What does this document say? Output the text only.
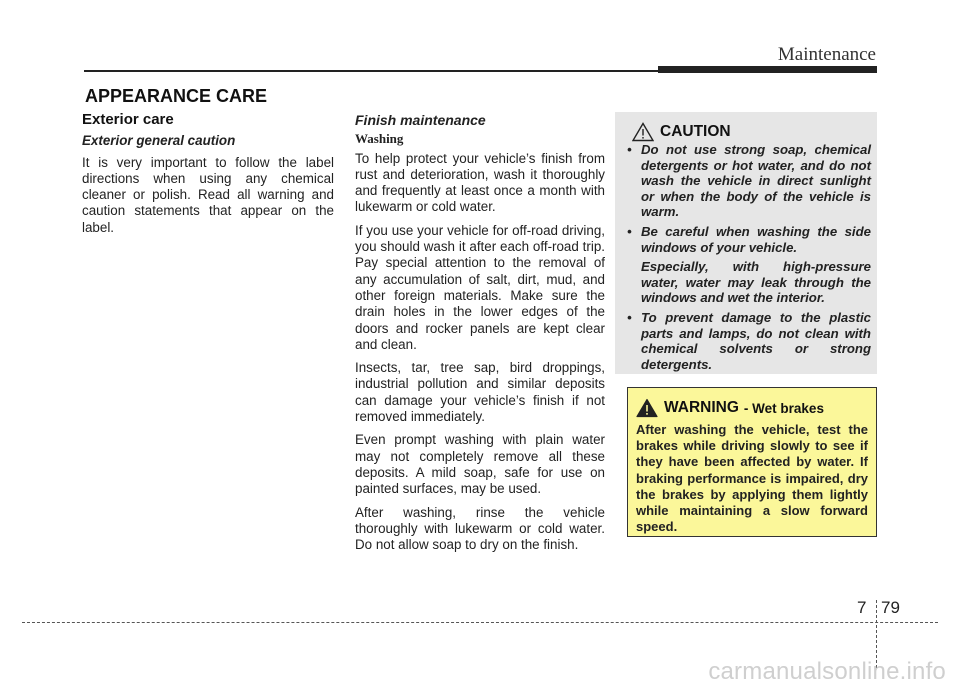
Maintenance
APPEARANCE CARE
Exterior care
Exterior general caution

It is very important to follow the label directions when using any chemical cleaner or polish. Read all warning and caution statements that appear on the label.

Finish maintenance
Washing

To help protect your vehicle’s finish from rust and deterioration, wash it thoroughly and frequently at least once a month with lukewarm or cold water.

If you use your vehicle for off-road driving, you should wash it after each off-road trip. Pay special attention to the removal of any accumulation of salt, dirt, mud, and other foreign materials. Make sure the drain holes in the lower edges of the doors and rocker panels are kept clear and clean.

Insects, tar, tree sap, bird droppings, industrial pollution and similar deposits can damage your vehicle’s finish if not removed immediately.

Even prompt washing with plain water may not completely remove all these deposits. A mild soap, safe for use on painted surfaces, may be used.

After washing, rinse the vehicle thoroughly with lukewarm or cold water. Do not allow soap to dry on the finish.

CAUTION
• Do not use strong soap, chemical detergents or hot water, and do not wash the vehicle in direct sunlight or when the body of the vehicle is warm.
• Be careful when washing the side windows of your vehicle.
Especially, with high-pressure water, water may leak through the windows and wet the interior.
• To prevent damage to the plastic parts and lamps, do not clean with chemical solvents or strong detergents.
WARNING - Wet brakes
After washing the vehicle, test the brakes while driving slowly to see if they have been affected by water. If braking performance is impaired, dry the brakes by applying them lightly while maintaining a slow forward speed.
7 79
carmanualsonline.info
